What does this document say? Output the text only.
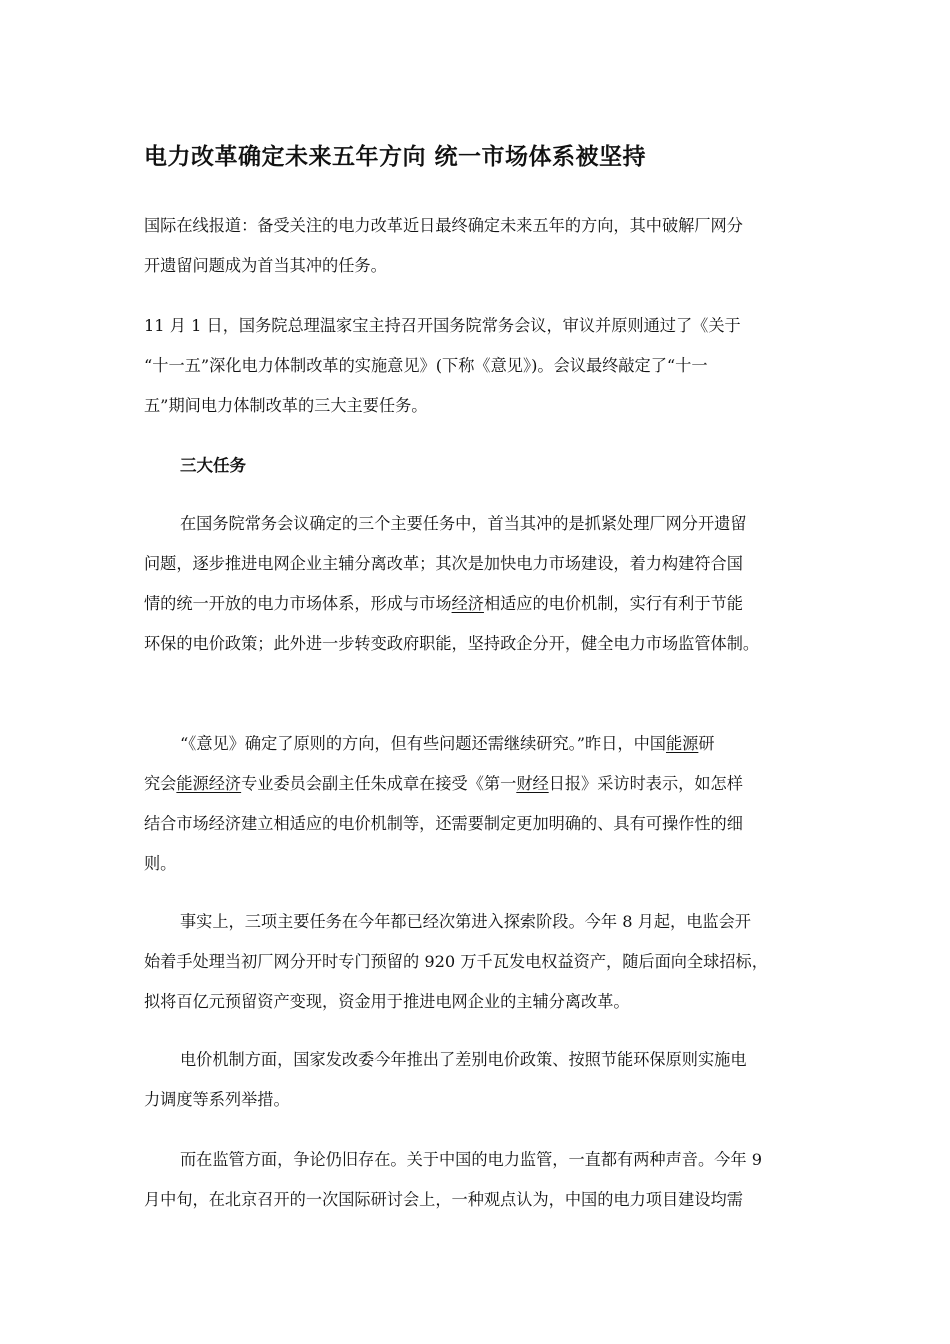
电力改革确定未来五年方向 统一市场体系被坚持
国际在线报道：备受关注的电力改革近日最终确定未来五年的方向，其中破解厂网分
开遗留问题成为首当其冲的任务。
11 月 1 日，国务院总理温家宝主持召开国务院常务会议，审议并原则通过了《关于
“十一五”深化电力体制改革的实施意见》(下称《意见》)。会议最终敲定了“十一
五”期间电力体制改革的三大主要任务。
三大任务
在国务院常务会议确定的三个主要任务中，首当其冲的是抓紧处理厂网分开遗留
问题，逐步推进电网企业主辅分离改革；其次是加快电力市场建设，着力构建符合国
情的统一开放的电力市场体系，形成与市场经济相适应的电价机制，实行有利于节能
环保的电价政策；此外进一步转变政府职能，坚持政企分开，健全电力市场监管体制。
“《意见》确定了原则的方向，但有些问题还需继续研究。”昨日，中国能源研
究会能源经济专业委员会副主任朱成章在接受《第一财经日报》采访时表示，如怎样
结合市场经济建立相适应的电价机制等，还需要制定更加明确的、具有可操作性的细
则。
事实上，三项主要任务在今年都已经次第进入探索阶段。今年 8 月起，电监会开
始着手处理当初厂网分开时专门预留的 920 万千瓦发电权益资产，随后面向全球招标，
拟将百亿元预留资产变现，资金用于推进电网企业的主辅分离改革。
电价机制方面，国家发改委今年推出了差别电价政策、按照节能环保原则实施电
力调度等系列举措。
而在监管方面，争论仍旧存在。关于中国的电力监管，一直都有两种声音。今年 9
月中旬，在北京召开的一次国际研讨会上，一种观点认为，中国的电力项目建设均需
